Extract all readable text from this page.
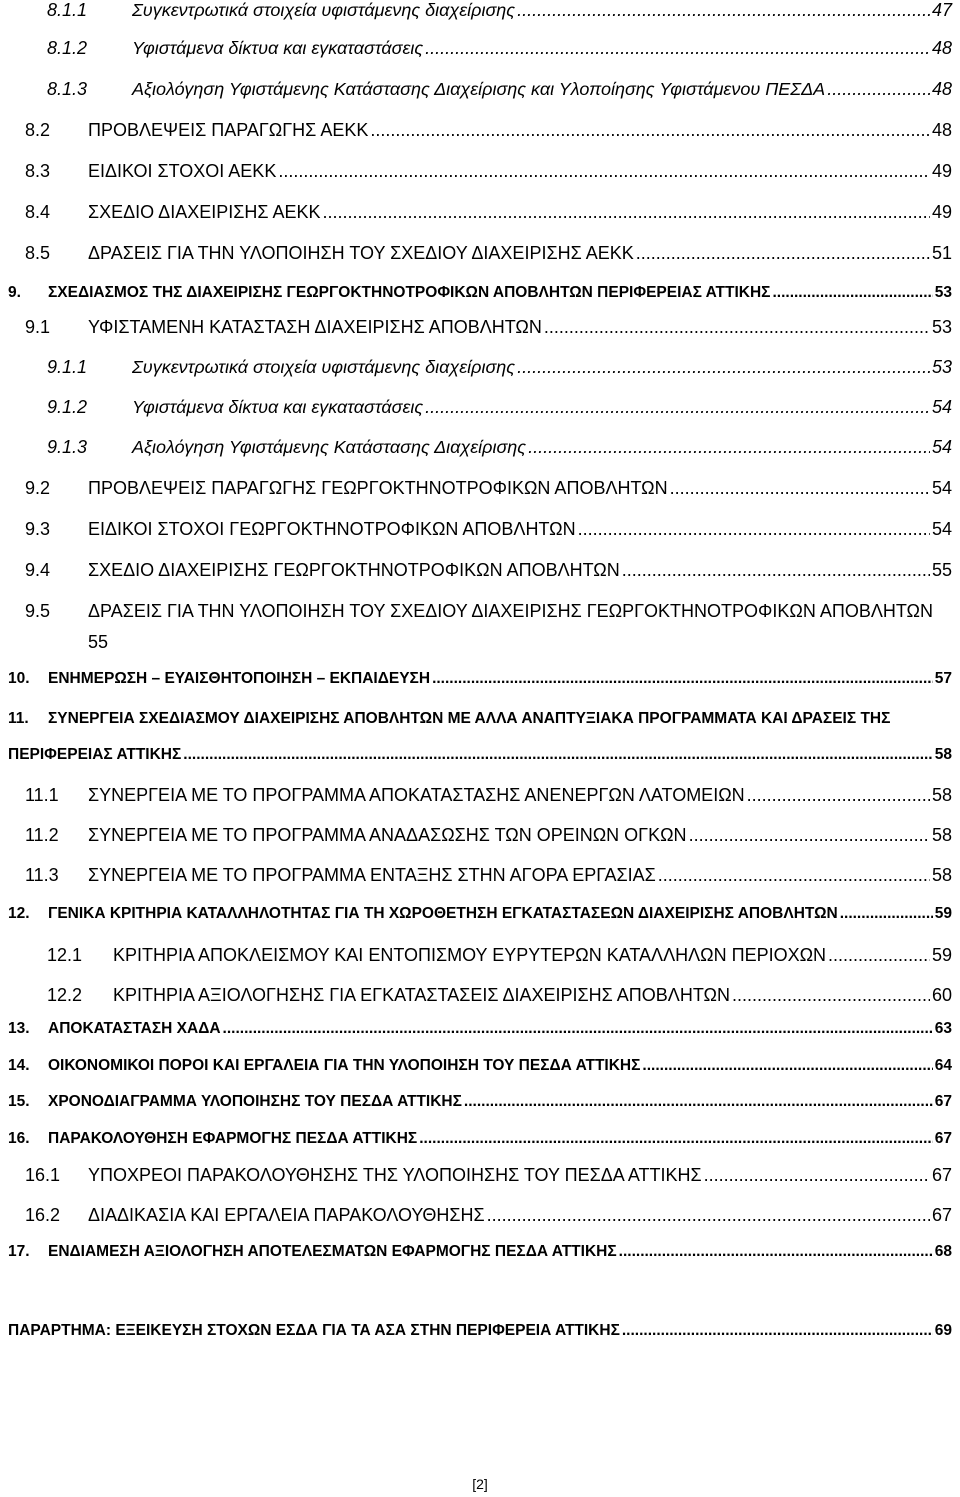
8.1.1 Συγκεντρωτικά στοιχεία υφιστάμενης διαχείρισης .....	47
8.1.2 Υφιστάμενα δίκτυα και εγκαταστάσεις .....	48
8.1.3 Αξιολόγηση Υφιστάμενης Κατάστασης Διαχείρισης και Υλοποίησης Υφιστάμενου ΠΕΣΔΑ .....	48
8.2 ΠΡΟΒΛΕΨΕΙΣ ΠΑΡΑΓΩΓΗΣ ΑΕΚΚ .....	48
8.3 ΕΙΔΙΚΟΙ ΣΤΟΧΟΙ ΑΕΚΚ .....	49
8.4 ΣΧΕΔΙΟ ΔΙΑΧΕΙΡΙΣΗΣ ΑΕΚΚ .....	49
8.5 ΔΡΑΣΕΙΣ ΓΙΑ ΤΗΝ ΥΛΟΠΟΙΗΣΗ ΤΟΥ ΣΧΕΔΙΟΥ ΔΙΑΧΕΙΡΙΣΗΣ ΑΕΚΚ .....	51
9. ΣΧΕΔΙΑΣΜΟΣ ΤΗΣ ΔΙΑΧΕΙΡΙΣΗΣ ΓΕΩΡΓΟΚΤΗΝΟΤΡΟΦΙΚΩΝ ΑΠΟΒΛΗΤΩΝ ΠΕΡΙΦΕΡΕΙΑΣ ΑΤΤΙΚΗΣ .....	53
9.1 ΥΦΙΣΤΑΜΕΝΗ ΚΑΤΑΣΤΑΣΗ ΔΙΑΧΕΙΡΙΣΗΣ ΑΠΟΒΛΗΤΩΝ .....	53
9.1.1 Συγκεντρωτικά στοιχεία υφιστάμενης διαχείρισης .....	53
9.1.2 Υφιστάμενα δίκτυα και εγκαταστάσεις .....	54
9.1.3 Αξιολόγηση Υφιστάμενης Κατάστασης Διαχείρισης .....	54
9.2 ΠΡΟΒΛΕΨΕΙΣ ΠΑΡΑΓΩΓΗΣ ΓΕΩΡΓΟΚΤΗΝΟΤΡΟΦΙΚΩΝ ΑΠΟΒΛΗΤΩΝ .....	54
9.3 ΕΙΔΙΚΟΙ ΣΤΟΧΟΙ ΓΕΩΡΓΟΚΤΗΝΟΤΡΟΦΙΚΩΝ ΑΠΟΒΛΗΤΩΝ .....	54
9.4 ΣΧΕΔΙΟ ΔΙΑΧΕΙΡΙΣΗΣ ΓΕΩΡΓΟΚΤΗΝΟΤΡΟΦΙΚΩΝ ΑΠΟΒΛΗΤΩΝ .....	55
9.5 ΔΡΑΣΕΙΣ ΓΙΑ ΤΗΝ ΥΛΟΠΟΙΗΣΗ ΤΟΥ ΣΧΕΔΙΟΥ ΔΙΑΧΕΙΡΙΣΗΣ ΓΕΩΡΓΟΚΤΗΝΟΤΡΟΦΙΚΩΝ ΑΠΟΒΛΗΤΩΝ
55
10. ΕΝΗΜΕΡΩΣΗ – ΕΥΑΙΣΘΗΤΟΠΟΙΗΣΗ – ΕΚΠΑΙΔΕΥΣΗ .....	57
11. ΣΥΝΕΡΓΕΙΑ ΣΧΕΔΙΑΣΜΟΥ ΔΙΑΧΕΙΡΙΣΗΣ ΑΠΟΒΛΗΤΩΝ ΜΕ ΑΛΛΑ ΑΝΑΠΤΥΞΙΑΚΑ ΠΡΟΓΡΑΜΜΑΤΑ ΚΑΙ ΔΡΑΣΕΙΣ ΤΗΣ
ΠΕΡΙΦΕΡΕΙΑΣ ΑΤΤΙΚΗΣ .....	58
11.1 ΣΥΝΕΡΓΕΙΑ ΜΕ ΤΟ ΠΡΟΓΡΑΜΜΑ ΑΠΟΚΑΤΑΣΤΑΣΗΣ ΑΝΕΝΕΡΓΩΝ ΛΑΤΟΜΕΙΩΝ .....	58
11.2 ΣΥΝΕΡΓΕΙΑ ΜΕ ΤΟ ΠΡΟΓΡΑΜΜΑ ΑΝΑΔΑΣΩΣΗΣ ΤΩΝ ΟΡΕΙΝΩΝ ΟΓΚΩΝ .....	58
11.3 ΣΥΝΕΡΓΕΙΑ ΜΕ ΤΟ ΠΡΟΓΡΑΜΜΑ ΕΝΤΑΞΗΣ ΣΤΗΝ ΑΓΟΡΑ ΕΡΓΑΣΙΑΣ .....	58
12. ΓΕΝΙΚΑ ΚΡΙΤΗΡΙΑ ΚΑΤΑΛΛΗΛΟΤΗΤΑΣ ΓΙΑ ΤΗ ΧΩΡΟΘΕΤΗΣΗ ΕΓΚΑΤΑΣΤΑΣΕΩΝ ΔΙΑΧΕΙΡΙΣΗΣ ΑΠΟΒΛΗΤΩΝ .....	59
12.1 ΚΡΙΤΗΡΙΑ ΑΠΟΚΛΕΙΣΜΟΥ ΚΑΙ ΕΝΤΟΠΙΣΜΟΥ ΕΥΡΥΤΕΡΩΝ ΚΑΤΑΛΛΗΛΩΝ ΠΕΡΙΟΧΩΝ .....	59
12.2 ΚΡΙΤΗΡΙΑ ΑΞΙΟΛΟΓΗΣΗΣ ΓΙΑ ΕΓΚΑΤΑΣΤΑΣΕΙΣ ΔΙΑΧΕΙΡΙΣΗΣ ΑΠΟΒΛΗΤΩΝ .....	60
13. ΑΠΟΚΑΤΑΣΤΑΣΗ ΧΑΔΑ .....	63
14. ΟΙΚΟΝΟΜΙΚΟΙ ΠΟΡΟΙ ΚΑΙ ΕΡΓΑΛΕΙΑ ΓΙΑ ΤΗΝ ΥΛΟΠΟΙΗΣΗ ΤΟΥ ΠΕΣΔΑ ΑΤΤΙΚΗΣ .....	64
15. ΧΡΟΝΟΔΙΑΓΡΑΜΜΑ ΥΛΟΠΟΙΗΣΗΣ ΤΟΥ ΠΕΣΔΑ ΑΤΤΙΚΗΣ .....	67
16. ΠΑΡΑΚΟΛΟΥΘΗΣΗ ΕΦΑΡΜΟΓΗΣ ΠΕΣΔΑ ΑΤΤΙΚΗΣ .....	67
16.1 ΥΠΟΧΡΕΟΙ ΠΑΡΑΚΟΛΟΥΘΗΣΗΣ ΤΗΣ ΥΛΟΠΟΙΗΣΗΣ ΤΟΥ ΠΕΣΔΑ ΑΤΤΙΚΗΣ .....	67
16.2 ΔΙΑΔΙΚΑΣΙΑ ΚΑΙ ΕΡΓΑΛΕΙΑ ΠΑΡΑΚΟΛΟΥΘΗΣΗΣ .....	67
17. ΕΝΔΙΑΜΕΣΗ ΑΞΙΟΛΟΓΗΣΗ ΑΠΟΤΕΛΕΣΜΑΤΩΝ ΕΦΑΡΜΟΓΗΣ ΠΕΣΔΑ ΑΤΤΙΚΗΣ .....	68
ΠΑΡΑΡΤΗΜΑ: ΕΞΕΙΚΕΥΣΗ ΣΤΟΧΩΝ ΕΣΔΑ ΓΙΑ ΤΑ ΑΣΑ ΣΤΗΝ ΠΕΡΙΦΕΡΕΙΑ ΑΤΤΙΚΗΣ .....	69
[2]
